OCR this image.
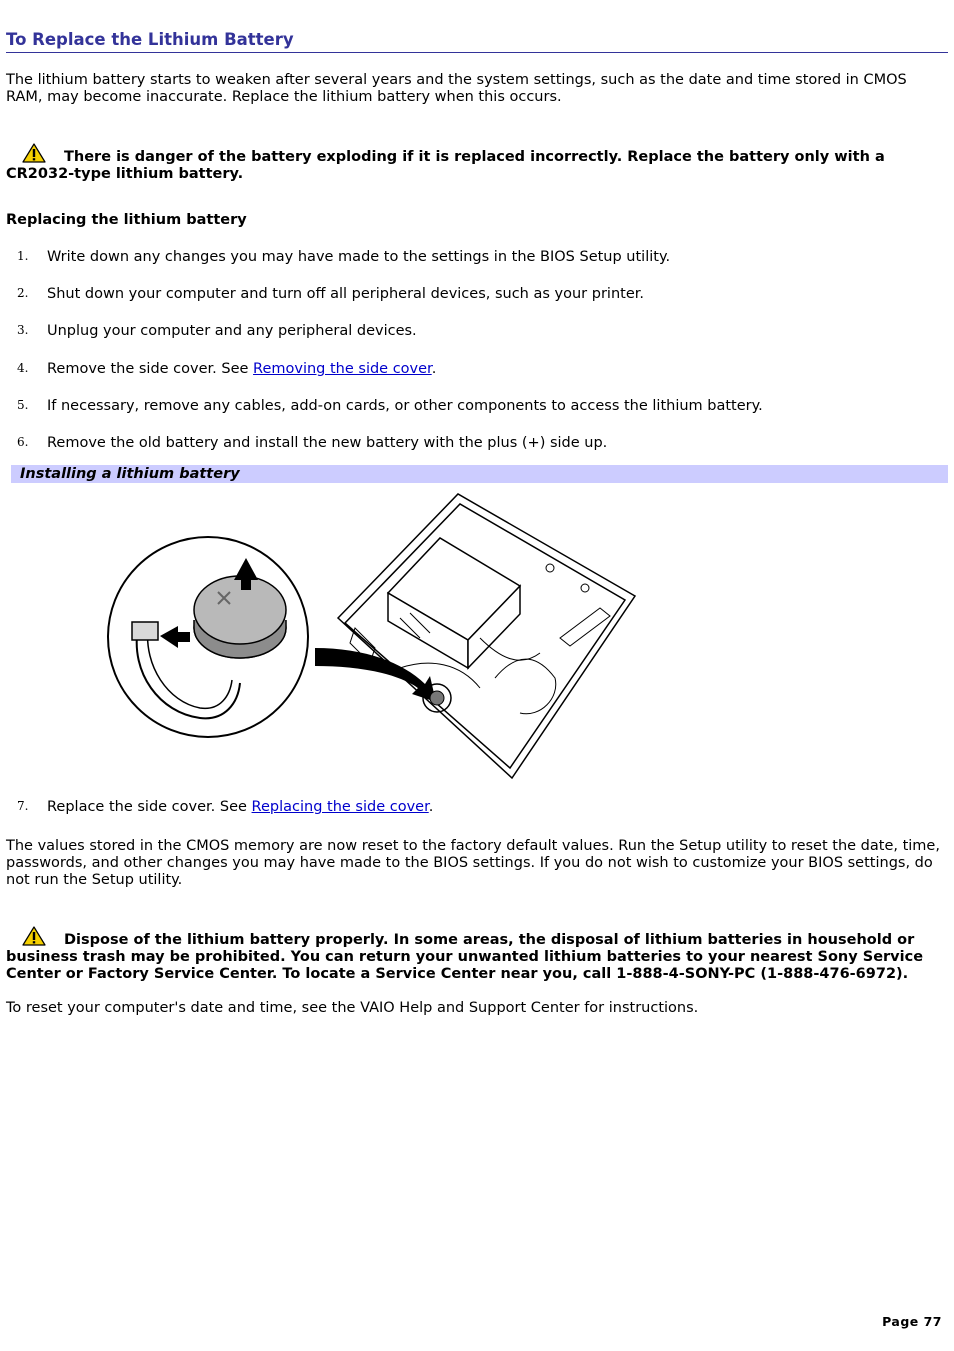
To Replace the Lithium Battery

The lithium battery starts to weaken after several years and the system settings, such as the date and time stored in CMOS RAM, may become inaccurate. Replace the lithium battery when this occurs.

There is danger of the battery exploding if it is replaced incorrectly. Replace the battery only with a CR2032-type lithium battery.
Replacing the lithium battery
1. Write down any changes you may have made to the settings in the BIOS Setup utility.
2. Shut down your computer and turn off all peripheral devices, such as your printer.
3. Unplug your computer and any peripheral devices.
4. Remove the side cover. See Removing the side cover.
5. If necessary, remove any cables, add-on cards, or other components to access the lithium battery.
6. Remove the old battery and install the new battery with the plus (+) side up.
Installing a lithium battery
7. Replace the side cover. See Replacing the side cover.

The values stored in the CMOS memory are now reset to the factory default values. Run the Setup utility to reset the date, time, passwords, and other changes you may have made to the BIOS settings. If you do not wish to customize your BIOS settings, do not run the Setup utility.

Dispose of the lithium battery properly. In some areas, the disposal of lithium batteries in household or business trash may be prohibited. You can return your unwanted lithium batteries to your nearest Sony Service Center or Factory Service Center. To locate a Service Center near you, call 1-888-4-SONY-PC (1-888-476-6972).

To reset your computer's date and time, see the VAIO Help and Support Center for instructions.

Page 77
